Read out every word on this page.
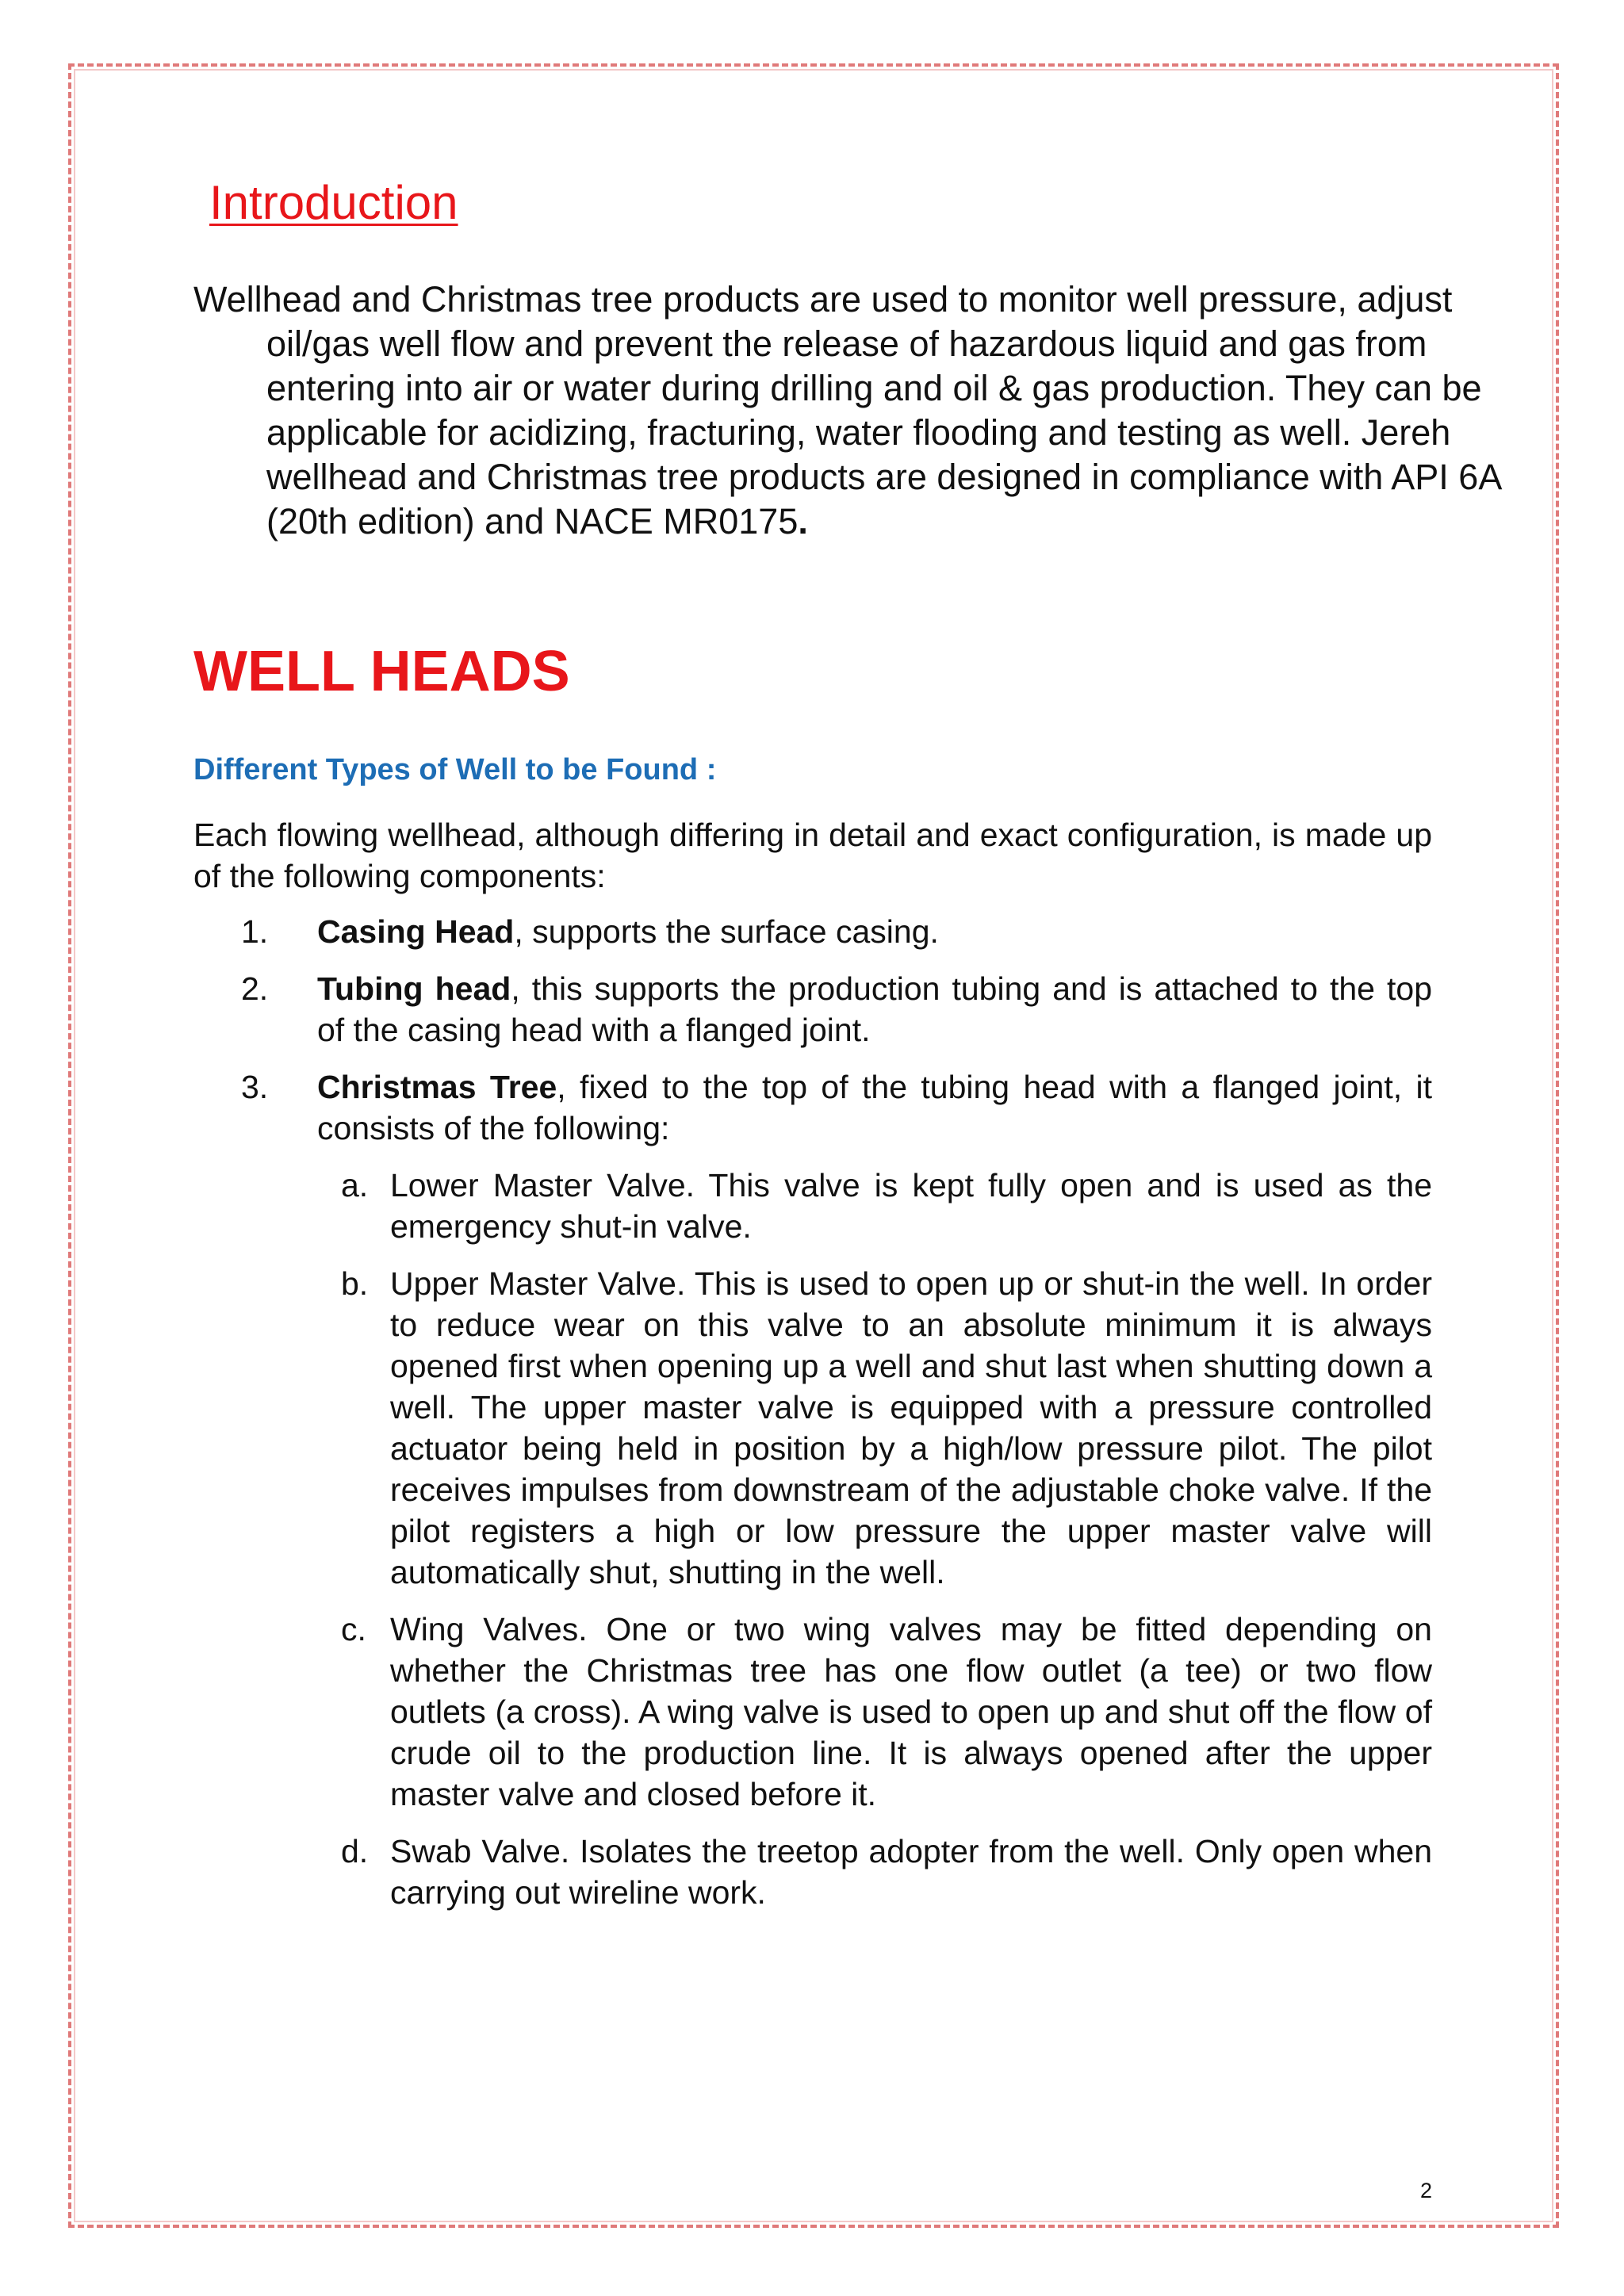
Introduction

Wellhead and Christmas tree products are used to monitor well pressure, adjust oil/gas well flow and prevent the release of hazardous liquid and gas from entering into air or water during drilling and oil & gas production. They can be applicable for acidizing, fracturing, water flooding and testing as well. Jereh wellhead and Christmas tree products are designed in compliance with API 6A (20th edition) and NACE MR0175.

WELL HEADS
Different Types of Well to be Found :

Each flowing wellhead, although differing in detail and exact configuration, is made up of the following components:

1. Casing Head, supports the surface casing.
2. Tubing head, this supports the production tubing and is attached to the top of the casing head with a flanged joint.
3. Christmas Tree, fixed to the top of the tubing head with a flanged joint, it consists of the following:
a. Lower Master Valve. This valve is kept fully open and is used as the emergency shut-in valve.
b. Upper Master Valve. This is used to open up or shut-in the well. In order to reduce wear on this valve to an absolute minimum it is always opened first when opening up a well and shut last when shutting down a well. The upper master valve is equipped with a pressure controlled actuator being held in position by a high/low pressure pilot. The pilot receives impulses from downstream of the adjustable choke valve. If the pilot registers a high or low pressure the upper master valve will automatically shut, shutting in the well.
c. Wing Valves. One or two wing valves may be fitted depending on whether the Christmas tree has one flow outlet (a tee) or two flow outlets (a cross). A wing valve is used to open up and shut off the flow of crude oil to the production line. It is always opened after the upper master valve and closed before it.
d. Swab Valve. Isolates the treetop adopter from the well. Only open when carrying out wireline work.
2
